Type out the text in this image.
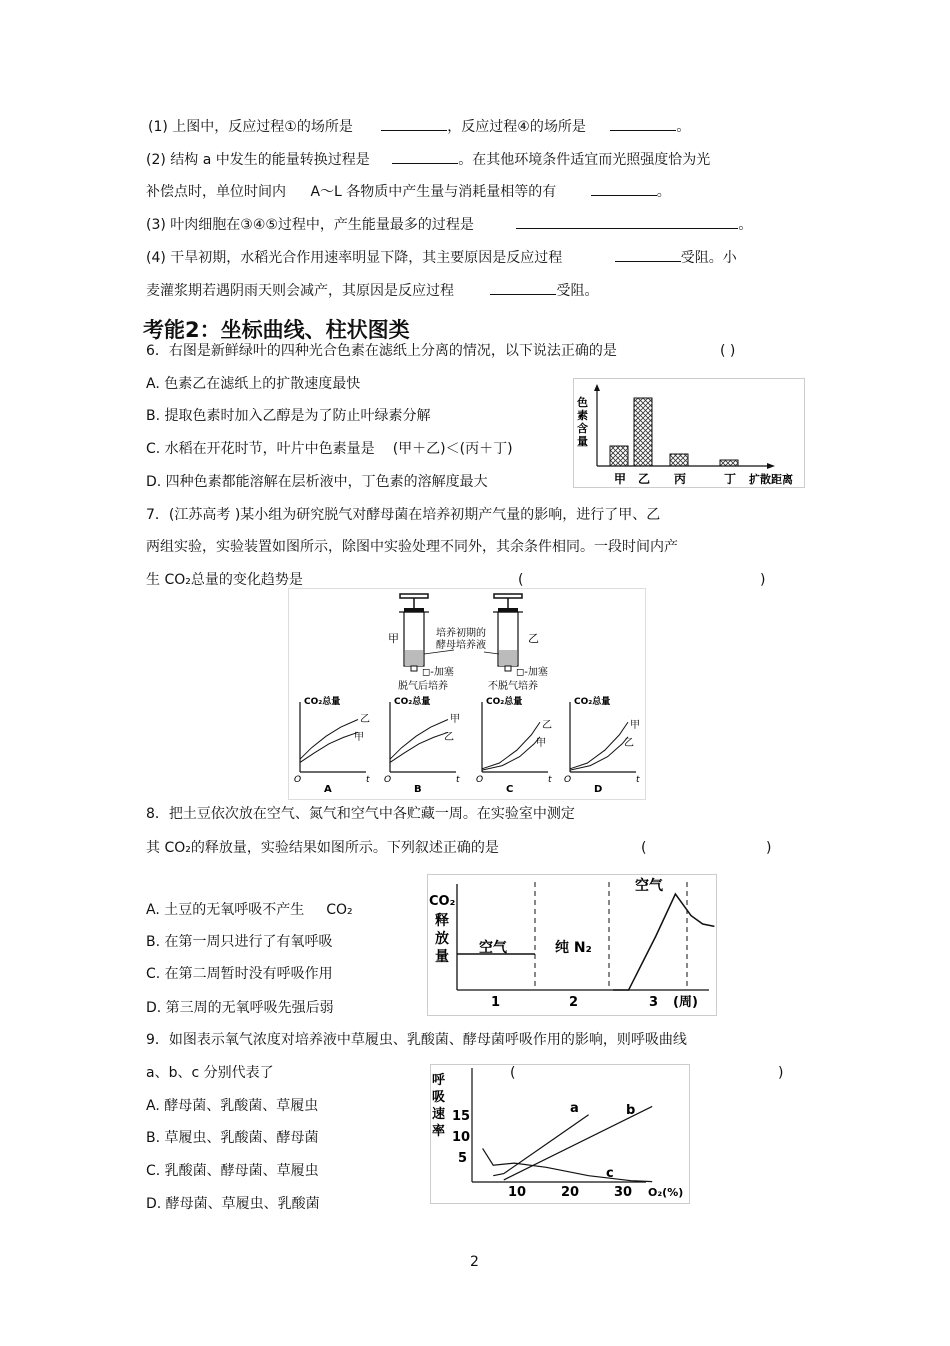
(1) 上图中，反应过程①的场所是	，反应过程④的场所是	。
(2) 结构 a 中发生的能量转换过程是	。在其他环境条件适宜而光照强度恰为光
补偿点时，单位时间内 A～L 各物质中产生量与消耗量相等的有	。
(3) 叶肉细胞在③④⑤过程中，产生能量最多的过程是	。
(4) 干旱初期，水稻光合作用速率明显下降，其主要原因是反应过程	受阻。小
麦灌浆期若遇阴雨天则会减产，其原因是反应过程	受阻。
考能2：坐标曲线、柱状图类
6．右图是新鲜绿叶的四种光合色素在滤纸上分离的情况，以下说法正确的是	( )
A. 色素乙在滤纸上的扩散速度最快
B. 提取色素时加入乙醇是为了防止叶绿素分解
C. 水稻在开花时节，叶片中色素量是 (甲＋乙)＜(丙＋丁)
D. 四种色素都能溶解在层析液中，丁色素的溶解度最大
色
素
含
量
甲 乙 丙	丁 扩散距离
7．(江苏高考 )某小组为研究脱气对酵母菌在培养初期产气量的影响，进行了甲、乙
两组实验，实验装置如图所示，除图中实验处理不同外，其余条件相同。一段时间内产
生 CO₂总量的变化趋势是	(	)
甲	培养初期的
酵母培养液
◻-加塞
脱气后培养
乙
◻-加塞
不脱气培养
CO₂总量
O	t
乙
甲
A
CO₂总量
O	t
甲
乙
B
CO₂总量
O	t
乙
甲
C
CO₂总量
O	t
甲
乙
D
8．把土豆依次放在空气、氮气和空气中各贮藏一周。在实验室中测定
其 CO₂的释放量，实验结果如图所示。下列叙述正确的是	(	)
A. 土豆的无氧呼吸不产生 CO₂
B. 在第一周只进行了有氧呼吸
C. 在第二周暂时没有呼吸作用
D. 第三周的无氧呼吸先强后弱
CO₂
释
放
量
空气	纯 N₂
空气
1	2	3 (周)
9．如图表示氧气浓度对培养液中草履虫、乳酸菌、酵母菌呼吸作用的影响，则呼吸曲线
a、b、c 分别代表了	(	)
A. 酵母菌、乳酸菌、草履虫
B. 草履虫、乳酸菌、酵母菌
C. 乳酸菌、酵母菌、草履虫
D. 酵母菌、草履虫、乳酸菌
呼
吸
速
率
15
10
5
10	20	30 O₂(%)
a	b
c
2
